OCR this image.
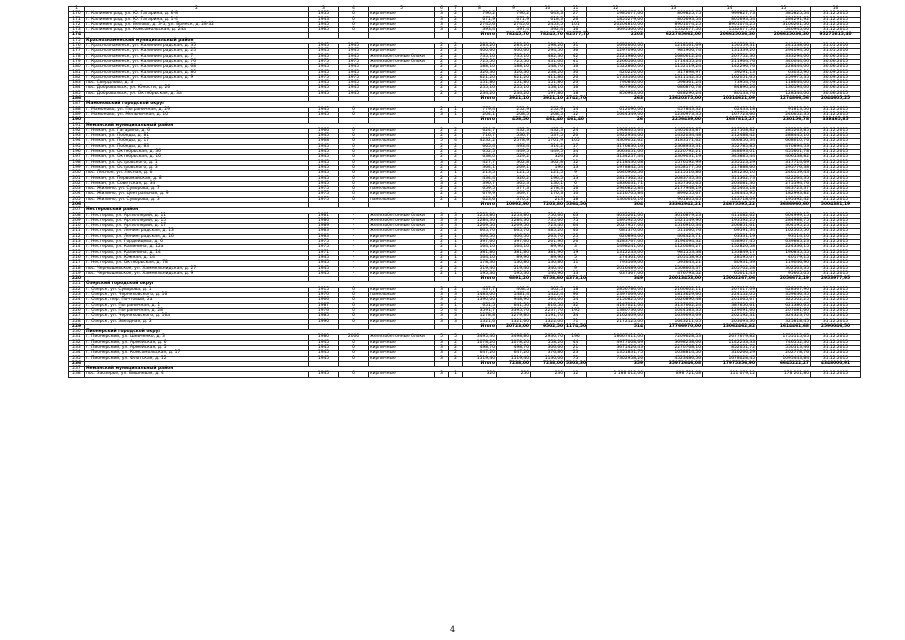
1	2	3	4	5	6	7	8	9	10	11	12	13	14	15	16	
170	г. Калининград, ул. Ю. Гагарина, д. 6-8	1955	0	кирпичные	3	2	796,2	796,2	643,3	27	1985077,00	809825,75	999827,73	385825,54	31.12.2015	
171	г. Калининград, ул. Ю. Гагарина, д. 1-4	1943	0	кирпичные	3	2	671,9	671,9	618,3	26	1855279,00	805693,54	805693,54	284291,92	31.12.2015	
172	г. Калининград, ул. Белово, д. 3-5, ул. Брянск, д. 28-32	1945	0	кирпичные	3	2	2745,6	2745,6	2453,5	101	20204810,00	8901074,25	8901074,25	3106261,50	31.12.2015	
173	г. Калининград, ул. Комсомольская, д. 24а	1965	0	кирпичные	3	2	393,4	397,4	392,4	16	3695300,00	1532677,50	1532677,50	540945,00	31.12.2015	
174							Итого	78245,70	78245,70	62577,70	2203	622785662,00	206625036,30	206625036,30	95275815,40	
175	Краснознаменский муниципальный район															
176	г. Краснознаменск, ул. Калининградская, д. 35	1945	1945	кирпичные	2	2	283,20	283,20	198,20	31	1692600,00	1218161,69	150559,31	241538,00	31.05.2016	
177	г. Краснознаменск, ул. Калининградская, д. 25	1945	1945	кирпичные	2	2	400,60	400,60	294,50	36	1297096,00	981906,74	131339,20	294094,50	31.05.2016	
178	г. Краснознаменск, ул. Калининградская, д. 7	1945	1945	железобетонные блоки	2	2	735,10	735,10	482,30	42	2221980,00	1680612,24	207752,30	333294,00	30.06.2015	
179	г. Краснознаменск, ул. Калининградская, д. 76	1975	1975	железобетонные блоки	2	2	725,50	725,50	431,00	41	2266160,00	1714455,24	211964,76	340044,00	30.06.2015	
180	г. Краснознаменск, ул. Калининградская, д. 68	1945	1945	кирпичные	2	2	188,10	188,10	148,70	16	1522860,00	1152119,24	142296,76	228444,00	30.06.2015	
181	г. Краснознаменск, ул. Калининградская, д. 80	1945	1945	кирпичные	2	2	326,30	326,30	238,20	30	420226,00	317898,97	39291,13	63035,90	30.09.2015	
182	г. Краснознаменск, ул. Калининградская, д. 9	1975	1975	кирпичные	2	2	621,20	621,20	411,80	20	1733160,00	1311142,35	162051,65	259975,35	30.09.2015	
183	пос. Свердлово, д. 3	1945	1945	кирпичные	2	2	151,80	151,80	151,80	20	790840,00	598361,24	73954,76	118644,00	30.09.2015	
184	пос. Добровольск, ул. Юности, д. 26	1945	1945	кирпичные	2	2	255,10	255,10	158,10	16	907960,00	686870,78	84890,26	136194,00	30.06.2015	
185	пос. Добровольск, ул. Октябрьская, д. 3а	1945	1945	кирпичные	2	2	234,20	234,20	197,80	18	856963,00	648290,24	80133,76	128544,00	30.06.2015	
186							Итого	3921,10	3921,10	2742,70	263	13620375,00	10314621,09	1274866,56	2044605,25	
187	Мамоновский городской округ															
188	г. Мамоново, ул. Пограничная, д. 29	1945	0	кирпичные	2	1	779,4	252,9	252,9	14	612090,00	457843,32	62433,18	91813,50	31.12.2015	
189	г. Мамоново, ул. Мельничная, д. 10	1945	0	кирпичные	3	1	204,1	208,5	208,5	12	1644349,00	1230973,35	167723,60	246652,35	31.12.2015	
190							Итого	458,50	461,40	461,40	26	2256439,00	1687815,27	230156,78	338465,85	
191	Неманский муниципальный район															
192	г. Неман, ул. Гагарина, д. 6	1966	0	кирпичные	2	2	624,7	432,3	432,3	24	1968405,64	1465633,87	217508,82	285263,85	31.12.2015	
193	г. Неман, ул. Победы, д. 81	1945	0	кирпичные	2	2	716,7	536,7	537,5	20	1922934,00	1432034,48	212488,42	288445,10	31.12.2015	
194	г. Неман, ул. Победы, д. 17	1968	0	панельные	5	4	4232,2	2578,9	1701,9	105	4309052,62	3183571,62	466850,34	668610,76	31.12.2015	
195	г. Неман, ул. Победы, д. 83	1945	0	кирпичные	2	2	665,4	493,4	314,2	17	3176830,16	2368933,31	352785,85	470894,53	31.12.2015	
196	г. Неман, ул. Октябрьская, д. 36	1945	0	кирпичные	2	2	652,5	449,5	449,5	34	3063051,00	2220792,21	348693,01	455601,78	31.12.2015	
197	г. Неман, ул. Октябрьская, д. 16	1945	0	кирпичные	2	2	638,0	529,2	326	20	3134257,44	2309031,19	343885,44	466538,82	31.12.2015	
198	г. Неман, ул. Островского, д. 1	1945	0	кирпичные	3	2	427,7	302,8	302,8	12	2118430,08	1576192,99	235523,29	317714,69	31.12.2015	
199	г. Неман, ул. Островского, д. 3	1945	0	кирпичные	2	2	364,1	269,1	190	13	1978842,54	1458177,56	217888,60	295776,38	31.12.2015	
200	пос. Лесное, ул. Лесная, д. 6	1945	0	кирпичные	2	1	213,5	121,5	121,5	9	1640906,56	1215516,86	181230,10	246159,43	31.12.2015	
201	г. Неман, ул. Первомайская, д. 8	1945	0	кирпичные	2	2	434,4	326,2	196,5	13	2817362,32	2083735,34	311362,73	422264,35	31.12.2015	
202	г. Неман, ул. Советская, д. 34	1945	0	кирпичные	3	2	390,7	365,3	130,1	6	1836031,71	1357365,65	203081,30	275594,76	31.12.2015	
203	пос. Жилино, ул. Суворова, д. 7	1975	0	панельные	2	2	659,5	377,3	278,3	16	2946825,84	2177948,19	325403,18	443723,37	31.12.2015	
204	пос. Жилино, ул. Центральная, д. 9	1975	0	кирпичные	2	2	679,9	369,7	170,3	10	1216705,84	899255,67	134445,95	182993,82	31.12.2015	
205	пос. Жилино, ул. Суворова, д. 3	1975	0	панельные	2	2	623,6	370,2	213	18	1360616,16	961805,65	143718,09	195392,42	31.12.2015	
206							Итого	10992,90	7203,80	5364,50	304	33362942,21	24675595,22	3686960,60	5004381,19	
207	Нестеровский район															
208	г. Нестеров, ул. Артиллерий, д. 11	1981	-	железобетонные блоки	3	3	1253,80	1253,80	750,60	63	4035261,00	3016879,23	411082,62	604999,15	31.12.2015	
209	г. Нестеров, ул. Артиллерий, д. 15	1986	-	железобетонные блоки	3	3	1284,30	1284,30	735,60	75	1895925,00	1421149,90	193592,25	284988,75	31.12.2015	
210	г. Нестеров, ул. Артиллерий, д. 17	1989	-	железобетонные блоки	3	3	1269,50	1269,50	723,40	64	2027957,00	1516910,34	206851,61	304195,25	31.12.2015	
211	г. Нестеров, ул. Ленинградская, д. 13	1983	-	железобетонные блоки	2	2	665,70	665,70	485,20	40	681370,00	511060,76	69591,34	102505,50	31.12.2015	
212	г. Нестеров, ул. Ленинградская, д. 16	1983	-	кирпичные	2	1	406,50	406,50	263,70	25	620894,00	464423,71	63331,19	93114,10	31.12.2015	
213	г. Нестеров, ул. Гордейцева, д. 6	1975	-	кирпичные	2	1	397,60	397,60	261,90	26	4283767,00	3194094,32	438907,45	639885,23	31.12.2015	
214	г. Нестеров, ул. Калинина, д. 12а	1975	-	кирпичные	2	1	164,10	164,10	89,90	3	1498241,00	1120084,27	152820,58	224336,15	31.12.2015	
215	г. Нестеров, ул. Калинина, д. 14	1971	-	кирпичные	2	2	381,80	381,80	381,90	19	1312233,00	981553,38	133849,17	196835,55	31.12.2015	
216	г. Нестеров, ул. Южная, д. 14	1945	-	кирпичные	2	1	164,10	89,90	89,90	5	274301,00	205158,95	28195,07	40179,15	31.12.2015	
217	г. Нестеров, ул. Октябрьская, д. 78	1945	-	кирпичные	2	2	178,30	130,80	130,80	11	793169,00	593643,21	80931,39	119046,90	31.12.2015	
218	пос. Чернышевское, ул. Хаммельнидская, д. 27	1945	-	кирпичные	2	2	519,40	519,40	340,40	9	2016489,00	1508603,37	205702,28	302503,35	31.12.2015	
219	пос. Чернышевское, ул. Хаммельнидская, д. 9	1945	-	кирпичные	2	1	195,30	195,30	140,90	13	637367,00	476793,52	65011,43	95605,05	31.12.2015	
220							Итого	6891,20	6758,60	4373,10	349	20013453,00	15002267,06	2056672,19	2953977,95	
221	Озерский городской округ															
222	г. Озерск, ул. Суворова, д. 1	1915	0	кирпичные	3	2	437,7	408,5	302,5	18	2856786,00	2160602,11	267017,09	428367,90	31.12.2015	
223	г. Озерск, ул. Черняховского, д. 16	1970	0	панельные	3	3	1483,00	1481,4	1422,4	90	2397069,00	1813629,60	224152,05	359636,35	31.12.2015	
224	г. Озерск, пер. Почтовый, 2а	1966	0	кирпичные	3	2	1390,00	948,90	564,00	54	2150825,00	1626890,48	201065,67	322502,25	31.12.2015	
225	г. Озерск, ул. Пограничная, д. 1	1987	0	кирпичные	3	1	651,5	641,50	616,50	32	4147021,00	3137662,24	387650,61	621380,65	31.12.2015	
226	г. Озерск, ул. Пограничная, д. 28	1976	0	кирпичные	5	4	3591,7	3395,70	2237,70	195	1380736,00	1044583,35	129091,60	207081,60	31.12.2015	
227	г. Озерск, ул. Черняховского, д. 16а	1985	0	кирпичные	3	3	1278,8	1279,80	1191,70	34	2162409,00	1639693,69	202192,31	324323,70	31.12.2015	
228	г. Озерск, ул. Звездная, д. 3	1990	0	кирпичные	3	3	1321,6	1321,60	1322,00	71	2172125,00	1643211,05	203093,30	325818,45	31.12.2015	
229							Итого	20723,00	9502,50	1174,50	514	17766970,00	13062462,82	1614461,68	2590046,50	
230	Пионерский городской округ															
231	г. Пионерский, ул. Шевченко, д. 3	1980	2006	железобетонные блоки	5	5	3495,40	3498,80	2930,70	196	18667411,00	7209628,53	2677679,82	1755115,65	31.12.2015	
232	г. Пионерский, ул. Армейская, д. 6	1945	0	кирпичные	3	2	1078,20	1078,20	558,20	44	4977008,69	3698238,06	1142233,33	746552,30	31.12.2015	
233	г. Пионерский, ул. Армейская, д. 5	1945	0	кирпичные	3	2	498,70	498,70	306,60	21	3671426,43	2270768,10	852051,72	550513,46	31.12.2015	
234	г. Пионерский, ул. Комсомольская, д. 17	1945	0	кирпичные	3	2	647,20	647,20	376,80	23	1351831,75	1038814,50	310266,29	202778,76	31.12.2015	
235	г. Пионерский, ул. Флотская, д. 12	1945	0	кирпичные	3	2	1519,40	1519,40	1130,00	75	7302958,26	4523486,56	1678028,45	1095443,84	31.12.2015	
236							Итого	7238,00	7238,00	5303,30	359	35972646,08	17975356,90	6645222,27	4348000,91	
237	Неманский муниципальный район															
238	пос. Заозерье, ул. Вишневая, д. 4	1945	0	кирпичные	3	1	320	250	230	12	1 188 012,00	898 721,08	111 079,12	178 201,80	31.12.2015	
4
